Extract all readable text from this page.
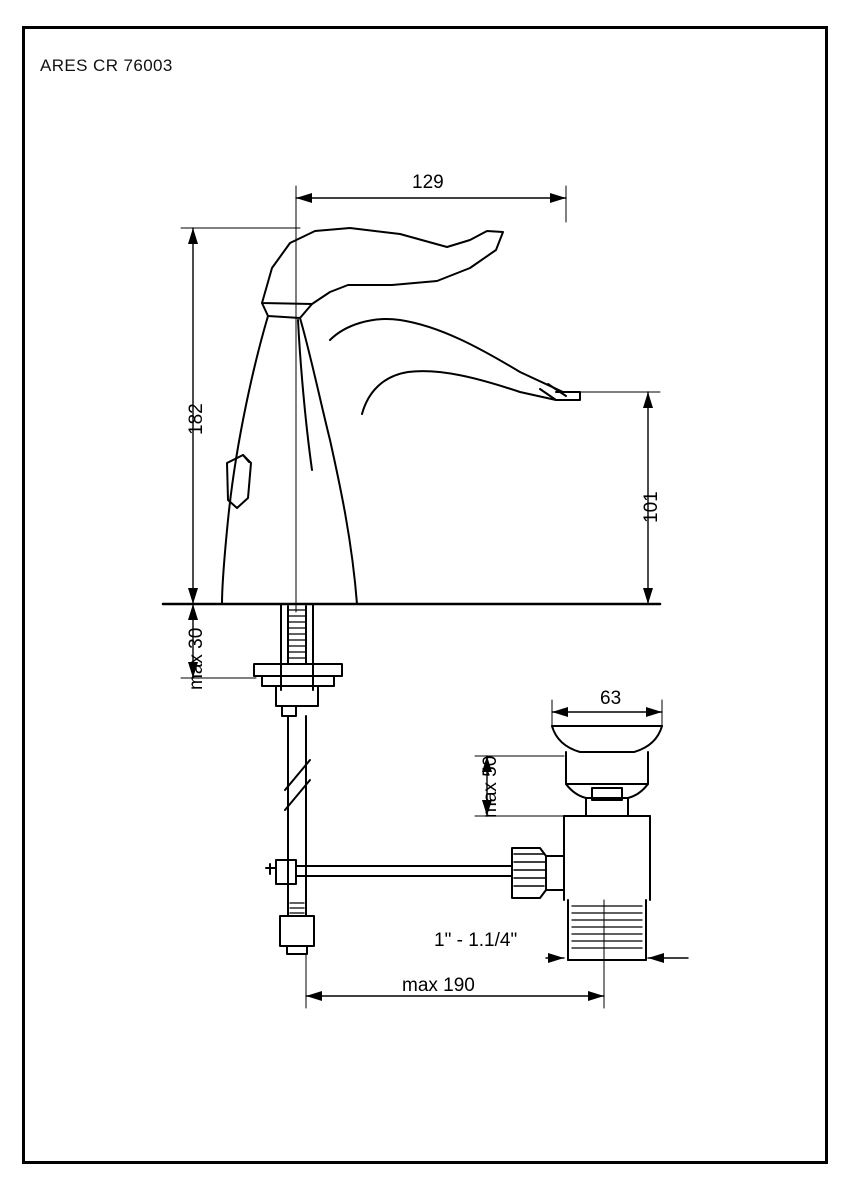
ARES CR 76003
129
182
101
max 30
63
max 50
1" - 1.1/4"
max 190
